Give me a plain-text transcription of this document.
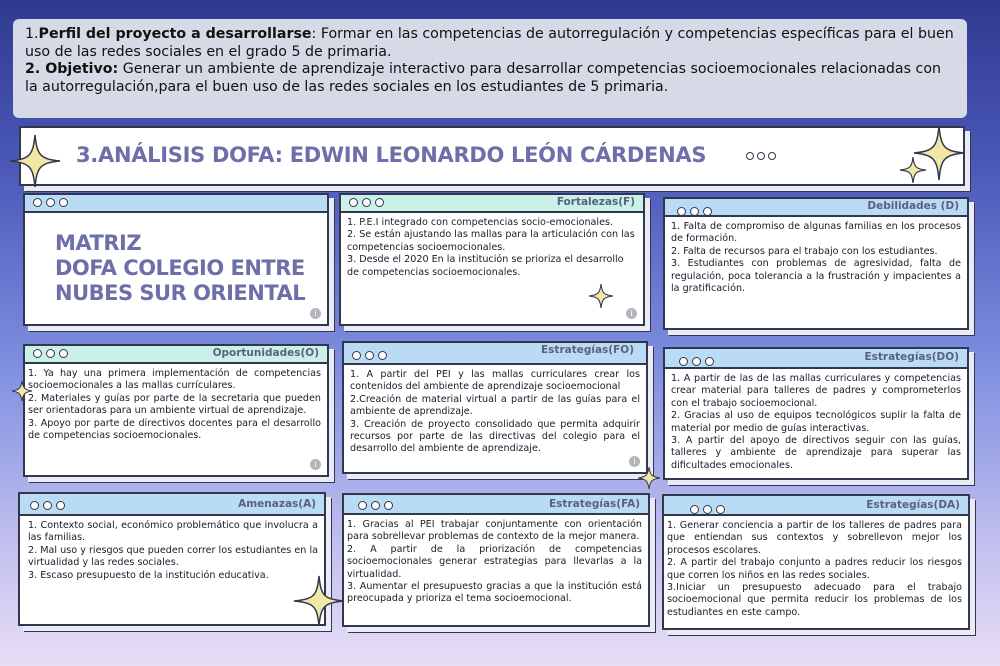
1.Perfil del proyecto a desarrollarse: Formar en las competencias de autorregulación y competencias específicas para el buen uso de las redes sociales en el grado 5 de primaria.
2. Objetivo: Generar un ambiente de aprendizaje interactivo para desarrollar competencias socioemocionales relacionadas con la autorregulación,para el buen uso de las redes sociales en los estudiantes de 5 primaria.
3.ANÁLISIS DOFA: EDWIN LEONARDO LEÓN CÁRDENAS
MATRIZ
DOFA COLEGIO ENTRE
NUBES SUR ORIENTAL
i
Fortalezas(F)

1. P.E.I integrado con competencias socio-emocionales.

2. Se están ajustando las mallas para la articulación con las competencias socioemocionales.

3. Desde el 2020 En la institución se prioriza el desarrollo de competencias socioemocionales.

i
Debilidades (D)

1. Falta de compromiso de algunas familias en los procesos de formación.

2. Falta de recursos para el trabajo con los estudiantes.

3. Estudiantes con problemas de agresividad, falta de regulación, poca tolerancia a la frustración y impacientes a la gratificación.

Oportunidades(O)

1. Ya hay una primera implementación de competencias socioemocionales a las mallas currículares.

2. Materiales y guías por parte de la secretaria que pueden ser orientadoras para un ambiente virtual de aprendizaje.

3. Apoyo por parte de directivos docentes para el desarrollo de competencias socioemocionales.

i
Estrategías(FO)

1. A partir del PEI y las mallas curriculares crear los contenidos del ambiente de aprendizaje socioemocional

2.Creación de material virtual a partir de las guías para el ambiente de aprendizaje.

3. Creación de proyecto consolidado que permita adquirir recursos por parte de las directivas del colegio para el desarrollo del ambiente de aprendizaje.

i
Estrategías(DO)

1. A partir de las de las mallas curriculares y competencias crear material para talleres de padres y comprometerlos con el trabajo socioemocional.

2. Gracias al uso de equipos tecnológicos suplir la falta de material por medio de guías interactivas.

3. A partir del apoyo de directivos seguir con las guías, talleres y ambiente de aprendizaje para superar las dificultades emocionales.

Amenazas(A)

1. Contexto social, económico problemático que involucra a las familias.

2. Mal uso y riesgos que pueden correr los estudiantes en la virtualidad y las redes sociales.

3. Escaso presupuesto de la institución educativa.

Estrategías(FA)

1. Gracias al PEI trabajar conjuntamente con orientación para sobrellevar problemas de contexto de la mejor manera.

2. A partir de la priorización de competencias socioemocionales generar estrategias para llevarlas a la virtualidad.

3. Aumentar el presupuesto gracias a que la institución está preocupada y prioriza el tema socioemocional.

Estrategías(DA)

1. Generar conciencia a partir de los talleres de padres para que entiendan sus contextos y sobrellevon mejor los procesos escolares.

2. A partir del trabajo conjunto a padres reducir los riesgos que corren los niños en las redes sociales.

3.Iniciar un presupuesto adecuado para el trabajo socioemocional que permita reducir los problemas de los estudiantes en este campo.
